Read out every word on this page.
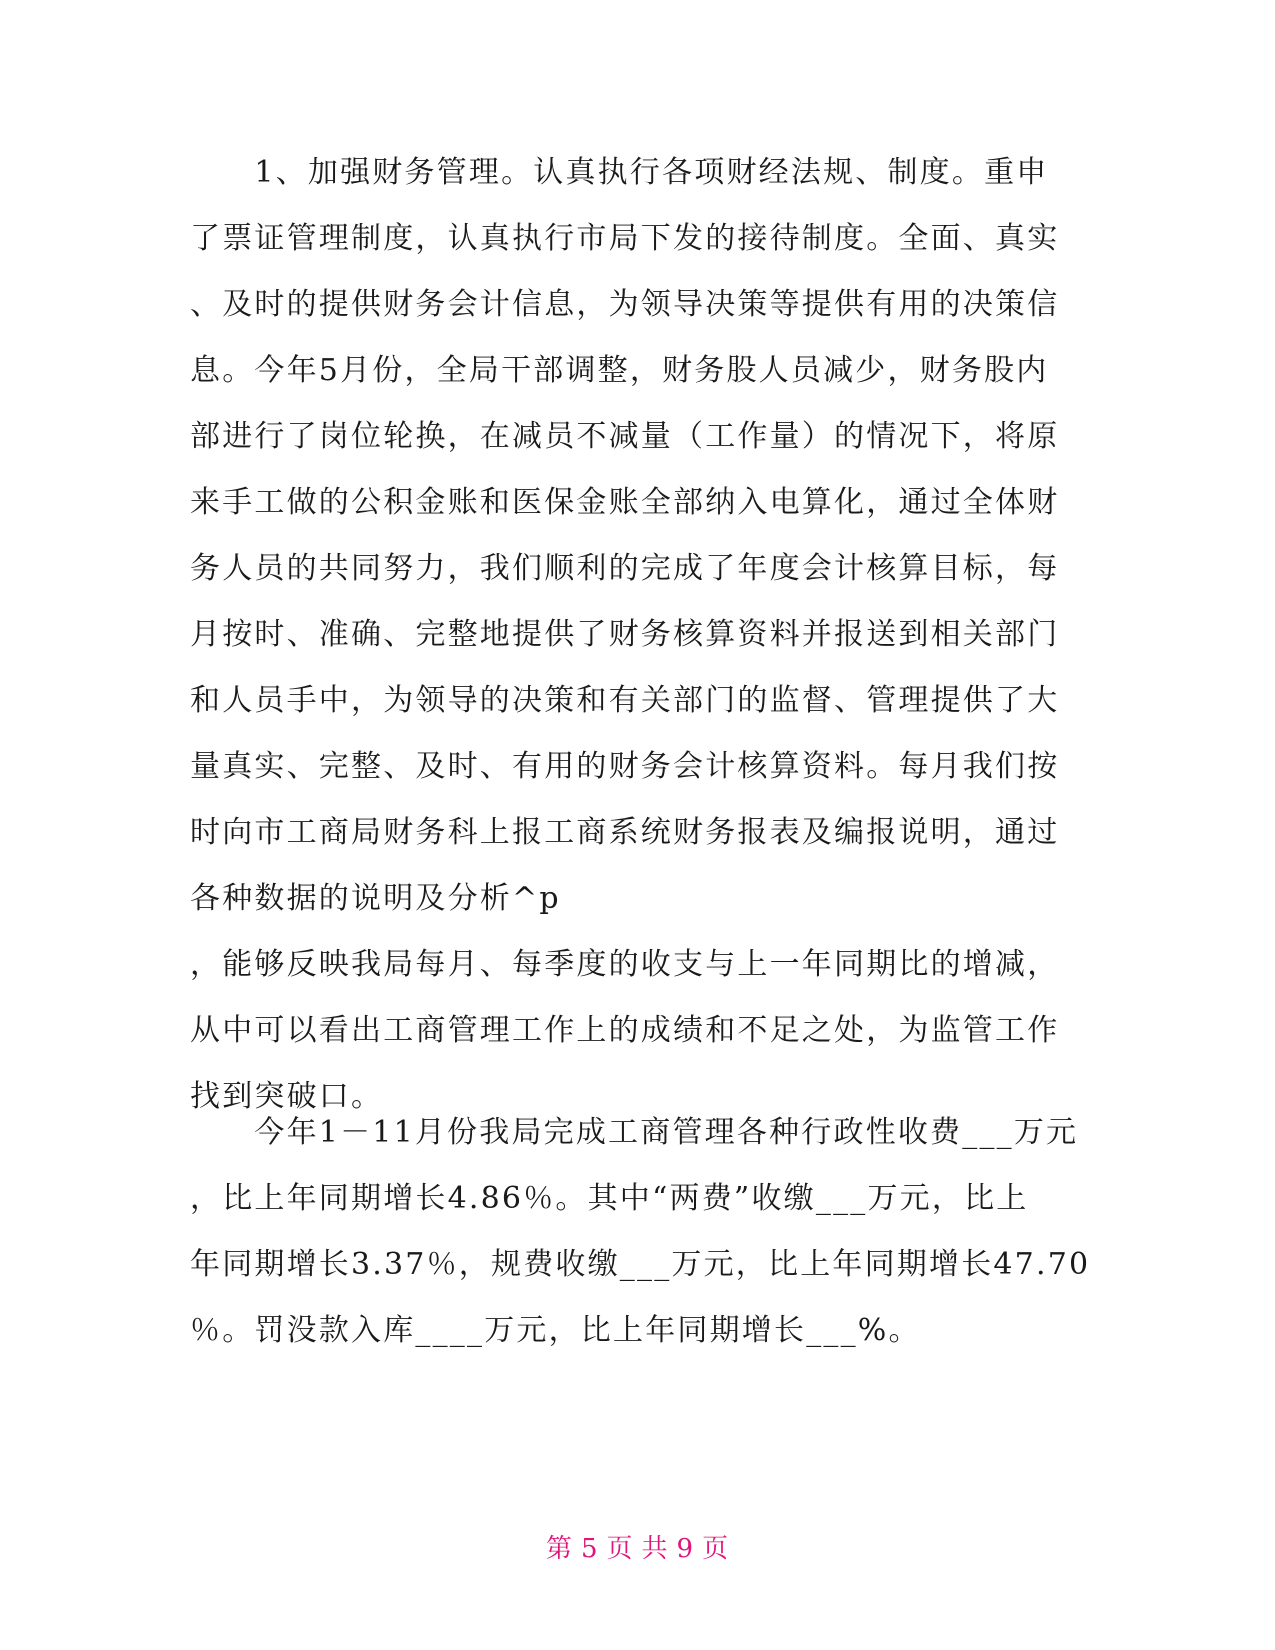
　　1、加强财务管理。认真执行各项财经法规、制度。重申
了票证管理制度，认真执行市局下发的接待制度。全面、真实
、及时的提供财务会计信息，为领导决策等提供有用的决策信
息。今年5月份，全局干部调整，财务股人员减少，财务股内
部进行了岗位轮换，在减员不减量（工作量）的情况下，将原
来手工做的公积金账和医保金账全部纳入电算化，通过全体财
务人员的共同努力，我们顺利的完成了年度会计核算目标，每
月按时、准确、完整地提供了财务核算资料并报送到相关部门
和人员手中，为领导的决策和有关部门的监督、管理提供了大
量真实、完整、及时、有用的财务会计核算资料。每月我们按
时向市工商局财务科上报工商系统财务报表及编报说明，通过
各种数据的说明及分析^p
，能够反映我局每月、每季度的收支与上一年同期比的增减，
从中可以看出工商管理工作上的成绩和不足之处，为监管工作
找到突破口。
　　今年1－11月份我局完成工商管理各种行政性收费___万元
，比上年同期增长4.86％。其中“两费”收缴___万元，比上
年同期增长3.37％，规费收缴___万元，比上年同期增长47.70
％。罚没款入库____万元，比上年同期增长___%。
第 5 页 共 9 页
